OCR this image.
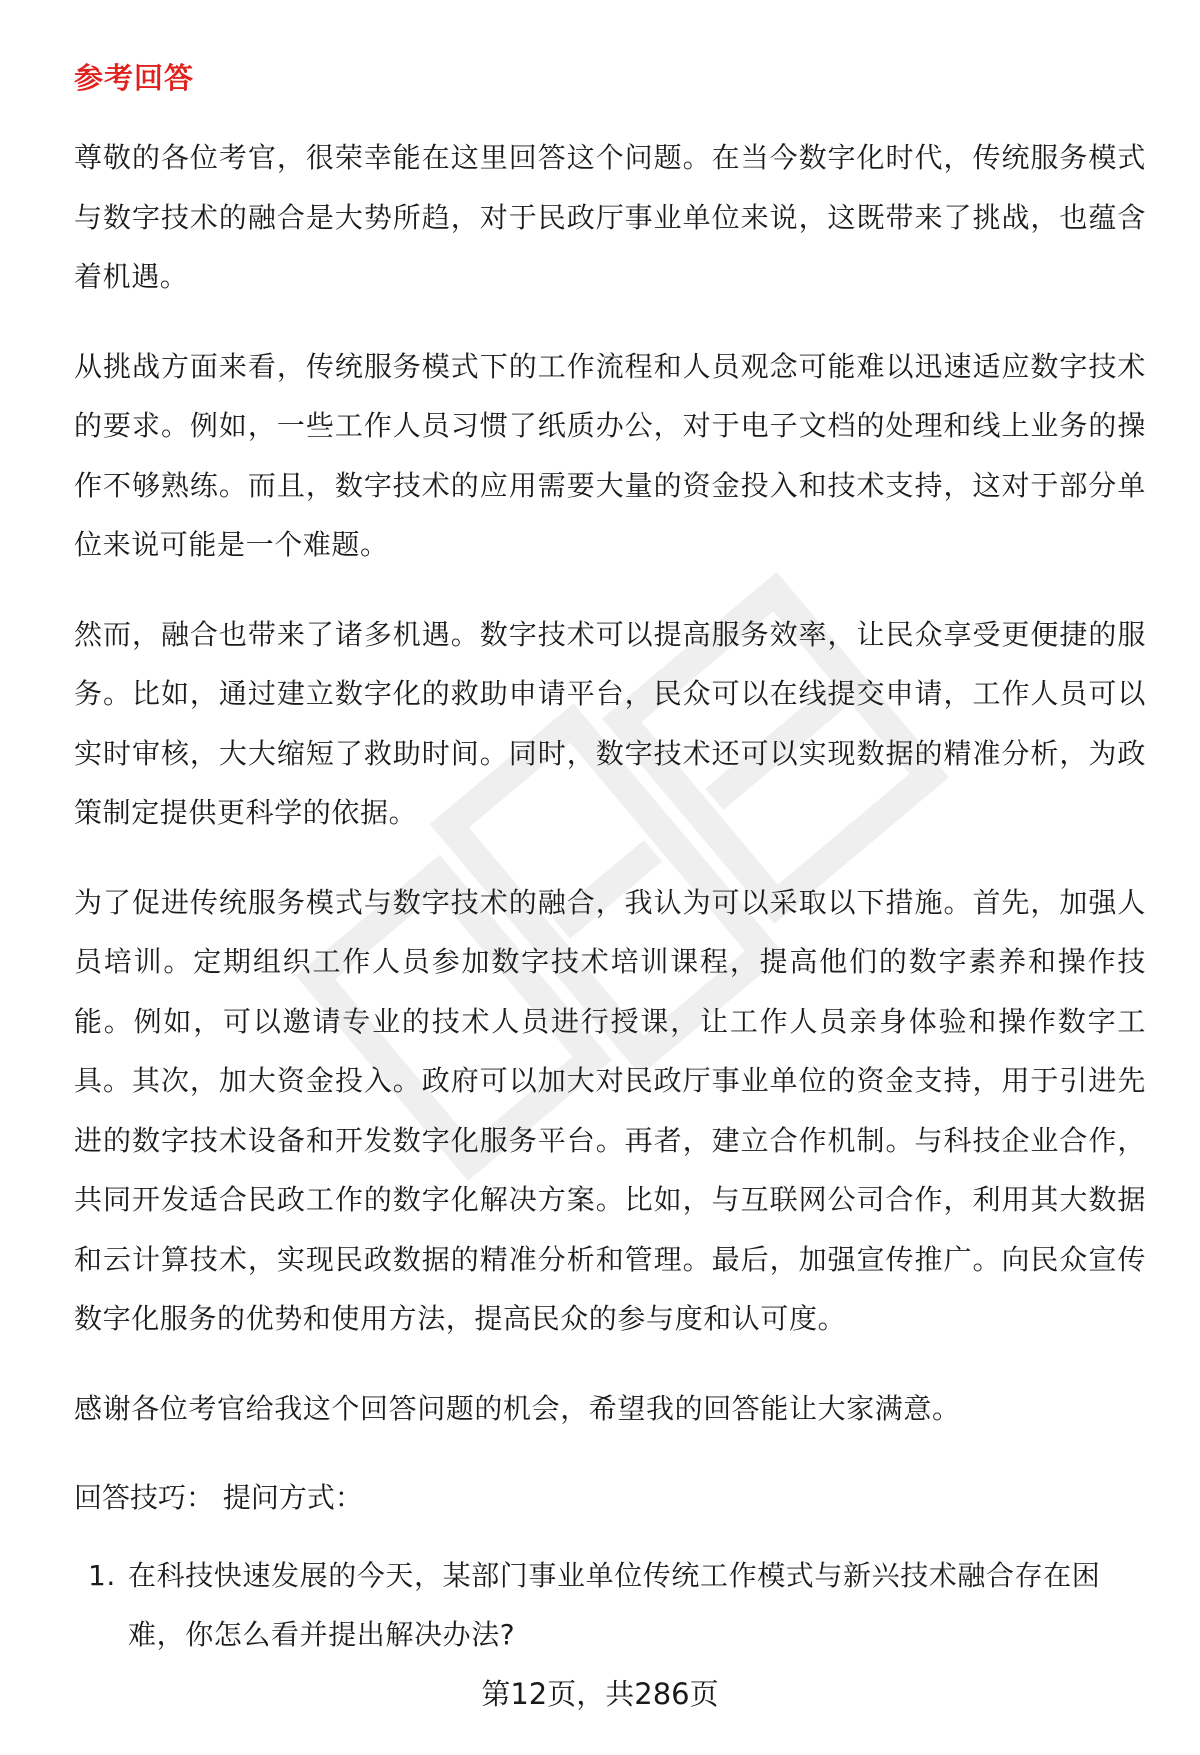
参考回答

尊敬的各位考官，很荣幸能在这里回答这个问题。在当今数字化时代，传统服务模式与数字技术的融合是大势所趋，对于民政厅事业单位来说，这既带来了挑战，也蕴含着机遇。

从挑战方面来看，传统服务模式下的工作流程和人员观念可能难以迅速适应数字技术的要求。例如，一些工作人员习惯了纸质办公，对于电子文档的处理和线上业务的操作不够熟练。而且，数字技术的应用需要大量的资金投入和技术支持，这对于部分单位来说可能是一个难题。

然而，融合也带来了诸多机遇。数字技术可以提高服务效率，让民众享受更便捷的服务。比如，通过建立数字化的救助申请平台，民众可以在线提交申请，工作人员可以实时审核，大大缩短了救助时间。同时，数字技术还可以实现数据的精准分析，为政策制定提供更科学的依据。

为了促进传统服务模式与数字技术的融合，我认为可以采取以下措施。首先，加强人员培训。定期组织工作人员参加数字技术培训课程，提高他们的数字素养和操作技能。例如，可以邀请专业的技术人员进行授课，让工作人员亲身体验和操作数字工具。其次，加大资金投入。政府可以加大对民政厅事业单位的资金支持，用于引进先进的数字技术设备和开发数字化服务平台。再者，建立合作机制。与科技企业合作，共同开发适合民政工作的数字化解决方案。比如，与互联网公司合作，利用其大数据和云计算技术，实现民政数据的精准分析和管理。最后，加强宣传推广。向民众宣传数字化服务的优势和使用方法，提高民众的参与度和认可度。

感谢各位考官给我这个回答问题的机会，希望我的回答能让大家满意。

回答技巧： 提问方式：
1. 在科技快速发展的今天，某部门事业单位传统工作模式与新兴技术融合存在困难，你怎么看并提出解决办法?
第12页，共286页
